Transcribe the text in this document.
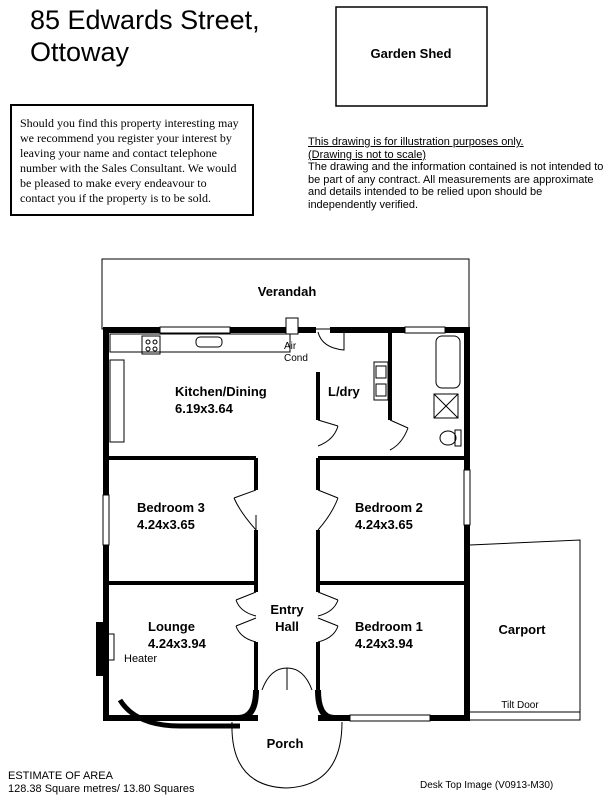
85 Edwards Street,
Ottoway
Should you find this property interesting may we recommend you register your interest by leaving your name and contact telephone number with the Sales Consultant. We would be pleased to make every endeavour to contact you if the property is to be sold.
This drawing is for illustration purposes only.
(Drawing is not to scale)
The drawing and the information contained is not intended to be part of any contract. All measurements are approximate and details intended to be relied upon should be independently verified.
Garden Shed
Verandah
Porch
Carport
Tilt Door
Air
Cond
Heater
Kitchen/Dining
6.19x3.64
L/dry
Bedroom 3
4.24x3.65
Bedroom 2
4.24x3.65
Entry
Hall
Lounge
4.24x3.94
Bedroom 1
4.24x3.94
ESTIMATE OF AREA
128.38 Square metres/ 13.80 Squares	Desk Top Image (V0913-M30)
